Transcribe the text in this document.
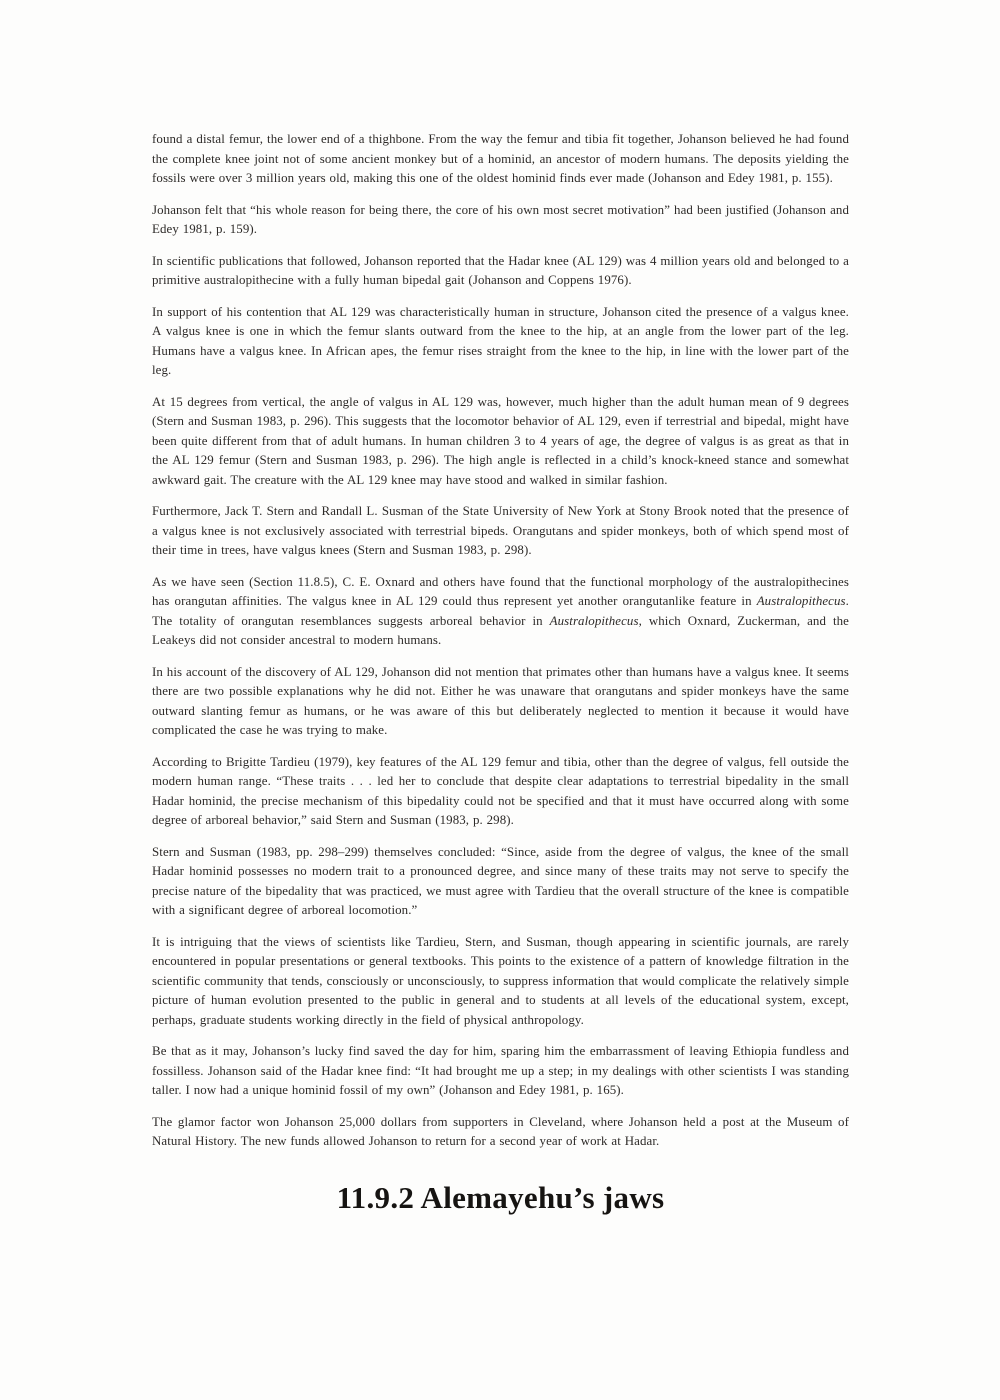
found a distal femur, the lower end of a thighbone. From the way the femur and tibia fit together, Johanson believed he had found the complete knee joint not of some ancient monkey but of a hominid, an ancestor of modern humans. The deposits yielding the fossils were over 3 million years old, making this one of the oldest hominid finds ever made (Johanson and Edey 1981, p. 155).

Johanson felt that “his whole reason for being there, the core of his own most secret motivation” had been justified (Johanson and Edey 1981, p. 159).

In scientific publications that followed, Johanson reported that the Hadar knee (AL 129) was 4 million years old and belonged to a primitive australopithecine with a fully human bipedal gait (Johanson and Coppens 1976).

In support of his contention that AL 129 was characteristically human in structure, Johanson cited the presence of a valgus knee. A valgus knee is one in which the femur slants outward from the knee to the hip, at an angle from the lower part of the leg. Humans have a valgus knee. In African apes, the femur rises straight from the knee to the hip, in line with the lower part of the leg.

At 15 degrees from vertical, the angle of valgus in AL 129 was, however, much higher than the adult human mean of 9 degrees (Stern and Susman 1983, p. 296). This suggests that the locomotor behavior of AL 129, even if terrestrial and bipedal, might have been quite different from that of adult humans. In human children 3 to 4 years of age, the degree of valgus is as great as that in the AL 129 femur (Stern and Susman 1983, p. 296). The high angle is reflected in a child’s knock-kneed stance and somewhat awkward gait. The creature with the AL 129 knee may have stood and walked in similar fashion.

Furthermore, Jack T. Stern and Randall L. Susman of the State University of New York at Stony Brook noted that the presence of a valgus knee is not exclusively associated with terrestrial bipeds. Orangutans and spider monkeys, both of which spend most of their time in trees, have valgus knees (Stern and Susman 1983, p. 298).

As we have seen (Section 11.8.5), C. E. Oxnard and others have found that the functional morphology of the australopithecines has orangutan affinities. The valgus knee in AL 129 could thus represent yet another orangutanlike feature in Australopithecus. The totality of orangutan resemblances suggests arboreal behavior in Australopithecus, which Oxnard, Zuckerman, and the Leakeys did not consider ancestral to modern humans.

In his account of the discovery of AL 129, Johanson did not mention that primates other than humans have a valgus knee. It seems there are two possible explanations why he did not. Either he was unaware that orangutans and spider monkeys have the same outward slanting femur as humans, or he was aware of this but deliberately neglected to mention it because it would have complicated the case he was trying to make.

According to Brigitte Tardieu (1979), key features of the AL 129 femur and tibia, other than the degree of valgus, fell outside the modern human range. “These traits . . . led her to conclude that despite clear adaptations to terrestrial bipedality in the small Hadar hominid, the precise mechanism of this bipedality could not be specified and that it must have occurred along with some degree of arboreal behavior,” said Stern and Susman (1983, p. 298).

Stern and Susman (1983, pp. 298–299) themselves concluded: “Since, aside from the degree of valgus, the knee of the small Hadar hominid possesses no modern trait to a pronounced degree, and since many of these traits may not serve to specify the precise nature of the bipedality that was practiced, we must agree with Tardieu that the overall structure of the knee is compatible with a significant degree of arboreal locomotion.”

It is intriguing that the views of scientists like Tardieu, Stern, and Susman, though appearing in scientific journals, are rarely encountered in popular presentations or general textbooks. This points to the existence of a pattern of knowledge filtration in the scientific community that tends, consciously or unconsciously, to suppress information that would complicate the relatively simple picture of human evolution presented to the public in general and to students at all levels of the educational system, except, perhaps, graduate students working directly in the field of physical anthropology.

Be that as it may, Johanson’s lucky find saved the day for him, sparing him the embarrassment of leaving Ethiopia fundless and fossilless. Johanson said of the Hadar knee find: “It had brought me up a step; in my dealings with other scientists I was standing taller. I now had a unique hominid fossil of my own” (Johanson and Edey 1981, p. 165).

The glamor factor won Johanson 25,000 dollars from supporters in Cleveland, where Johanson held a post at the Museum of Natural History. The new funds allowed Johanson to return for a second year of work at Hadar.

11.9.2 Alemayehu’s jaws
